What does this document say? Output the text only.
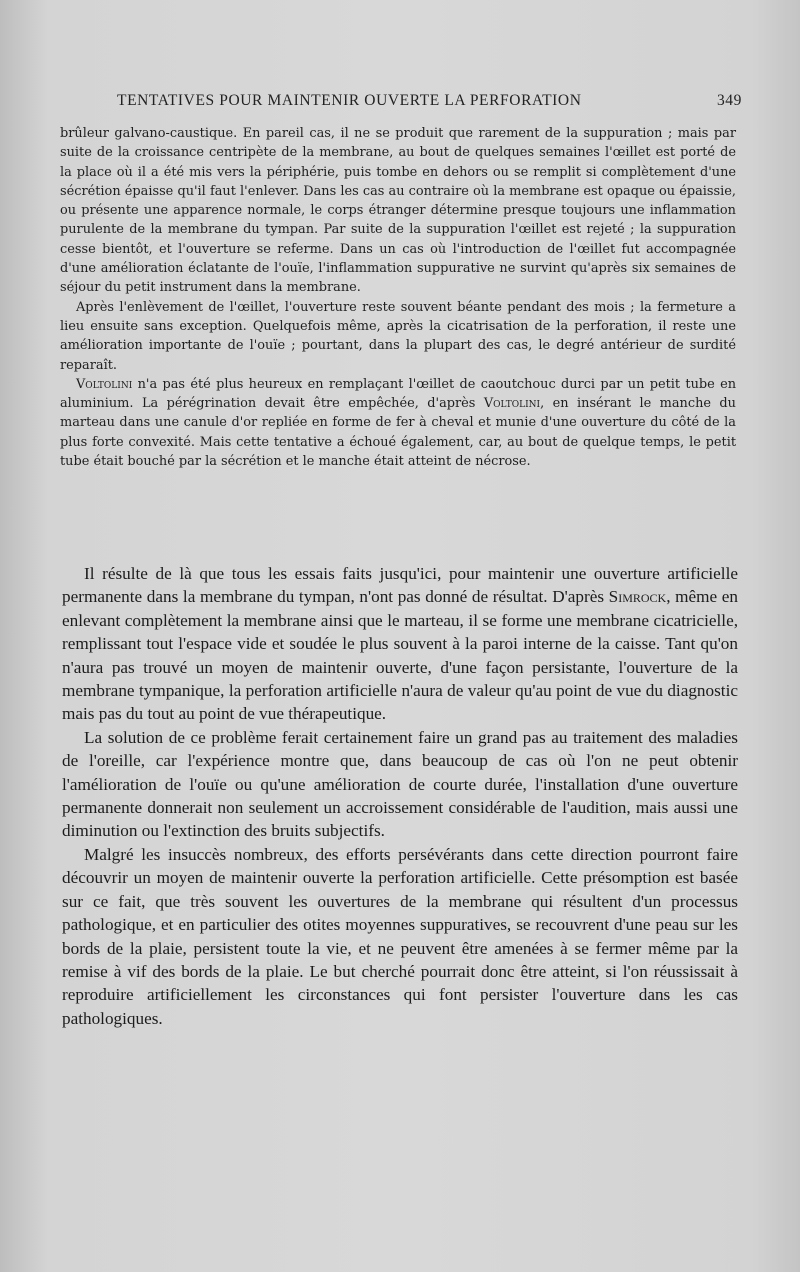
TENTATIVES POUR MAINTENIR OUVERTE LA PERFORATION	349

brûleur galvano-caustique. En pareil cas, il ne se produit que rarement de la suppuration ; mais par suite de la croissance centripète de la membrane, au bout de quelques semaines l'œillet est porté de la place où il a été mis vers la périphérie, puis tombe en dehors ou se remplit si complètement d'une sécrétion épaisse qu'il faut l'enlever. Dans les cas au contraire où la membrane est opaque ou épaissie, ou présente une apparence normale, le corps étranger détermine presque toujours une inflammation purulente de la membrane du tympan. Par suite de la suppuration l'œillet est rejeté ; la suppuration cesse bientôt, et l'ouverture se referme. Dans un cas où l'introduction de l'œillet fut accompagnée d'une amélioration éclatante de l'ouïe, l'inflammation suppurative ne survint qu'après six semaines de séjour du petit instrument dans la membrane.

Après l'enlèvement de l'œillet, l'ouverture reste souvent béante pendant des mois ; la fermeture a lieu ensuite sans exception. Quelquefois même, après la cicatrisation de la perforation, il reste une amélioration importante de l'ouïe ; pourtant, dans la plupart des cas, le degré antérieur de surdité reparaît.

Voltolini n'a pas été plus heureux en remplaçant l'œillet de caoutchouc durci par un petit tube en aluminium. La pérégrination devait être empêchée, d'après Voltolini, en insérant le manche du marteau dans une canule d'or repliée en forme de fer à cheval et munie d'une ouverture du côté de la plus forte convexité. Mais cette tentative a échoué également, car, au bout de quelque temps, le petit tube était bouché par la sécrétion et le manche était atteint de nécrose.

Il résulte de là que tous les essais faits jusqu'ici, pour maintenir une ouverture artificielle permanente dans la membrane du tympan, n'ont pas donné de résultat. D'après Simrock, même en enlevant complètement la membrane ainsi que le marteau, il se forme une membrane cicatricielle, remplissant tout l'espace vide et soudée le plus souvent à la paroi interne de la caisse. Tant qu'on n'aura pas trouvé un moyen de maintenir ouverte, d'une façon persistante, l'ouverture de la membrane tympanique, la perforation artificielle n'aura de valeur qu'au point de vue du diagnostic mais pas du tout au point de vue thérapeutique.

La solution de ce problème ferait certainement faire un grand pas au traitement des maladies de l'oreille, car l'expérience montre que, dans beaucoup de cas où l'on ne peut obtenir l'amélioration de l'ouïe ou qu'une amélioration de courte durée, l'installation d'une ouverture permanente donnerait non seulement un accroissement considérable de l'audition, mais aussi une diminution ou l'extinction des bruits subjectifs.

Malgré les insuccès nombreux, des efforts persévérants dans cette direction pourront faire découvrir un moyen de maintenir ouverte la perforation artificielle. Cette présomption est basée sur ce fait, que très souvent les ouvertures de la membrane qui résultent d'un processus pathologique, et en particulier des otites moyennes suppuratives, se recouvrent d'une peau sur les bords de la plaie, persistent toute la vie, et ne peuvent être amenées à se fermer même par la remise à vif des bords de la plaie. Le but cherché pourrait donc être atteint, si l'on réussissait à reproduire artificiellement les circonstances qui font persister l'ouverture dans les cas pathologiques.
